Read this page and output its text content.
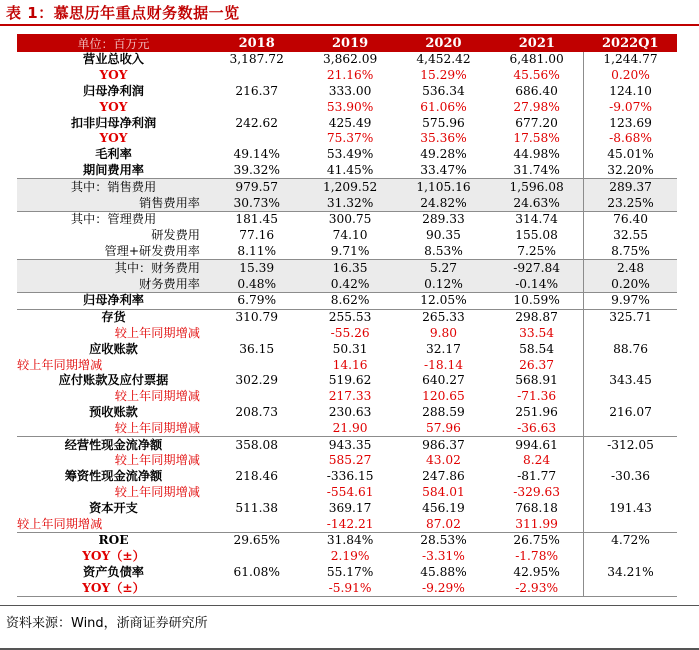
表 1：慕思历年重点财务数据一览
单位：百万元	2018	2019	2020	2021	2022Q1
营业总收入	3,187.72	3,862.09	4,452.42	6,481.00	1,244.77
YOY		21.16%	15.29%	45.56%	0.20%
归母净利润	216.37	333.00	536.34	686.40	124.10
YOY		53.90%	61.06%	27.98%	-9.07%
扣非归母净利润	242.62	425.49	575.96	677.20	123.69
YOY		75.37%	35.36%	17.58%	-8.68%
毛利率	49.14%	53.49%	49.28%	44.98%	45.01%
期间费用率	39.32%	41.45%	33.47%	31.74%	32.20%
其中：销售费用	979.57	1,209.52	1,105.16	1,596.08	289.37
销售费用率	30.73%	31.32%	24.82%	24.63%	23.25%
其中：管理费用	181.45	300.75	289.33	314.74	76.40
研发费用	77.16	74.10	90.35	155.08	32.55
管理+研发费用率	8.11%	9.71%	8.53%	7.25%	8.75%
其中：财务费用	15.39	16.35	5.27	-927.84	2.48
财务费用率	0.48%	0.42%	0.12%	-0.14%	0.20%
归母净利率	6.79%	8.62%	12.05%	10.59%	9.97%
存货	310.79	255.53	265.33	298.87	325.71
较上年同期增减		-55.26	9.80	33.54	
应收账款	36.15	50.31	32.17	58.54	88.76
较上年同期增减		14.16	-18.14	26.37	
应付账款及应付票据	302.29	519.62	640.27	568.91	343.45
较上年同期增减		217.33	120.65	-71.36	
预收账款	208.73	230.63	288.59	251.96	216.07
较上年同期增减		21.90	57.96	-36.63	
经营性现金流净额	358.08	943.35	986.37	994.61	-312.05
较上年同期增减		585.27	43.02	8.24	
筹资性现金流净额	218.46	-336.15	247.86	-81.77	-30.36
较上年同期增减		-554.61	584.01	-329.63	
资本开支	511.38	369.17	456.19	768.18	191.43
较上年同期增减		-142.21	87.02	311.99	
ROE	29.65%	31.84%	28.53%	26.75%	4.72%
YOY（±）		2.19%	-3.31%	-1.78%	
资产负债率	61.08%	55.17%	45.88%	42.95%	34.21%
YOY（±）		-5.91%	-9.29%	-2.93%	
资料来源：Wind，浙商证券研究所
